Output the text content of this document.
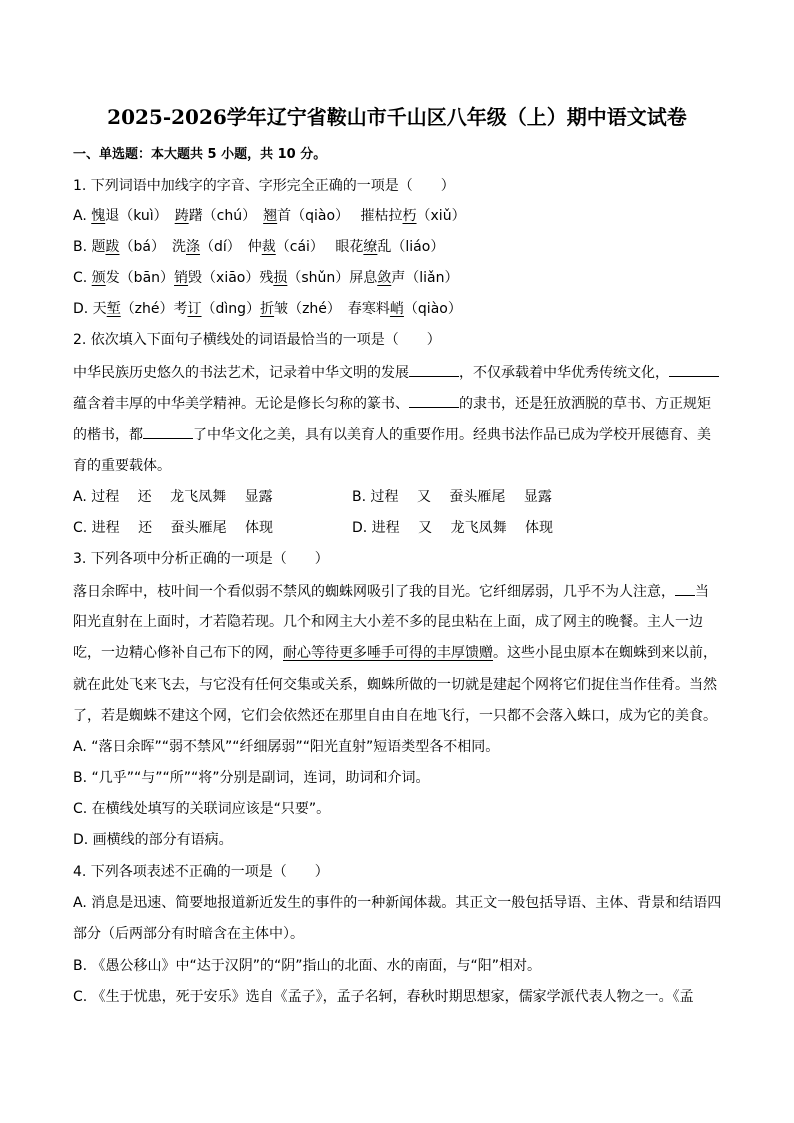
2025-2026学年辽宁省鞍山市千山区八年级（上）期中语文试卷
一、单选题：本大题共 5 小题，共 10 分。
1. 下列词语中加线字的字音、字形完全正确的一项是（　　）
A. 愧退（kuì）　踌躇（chú）　翘首（qiào）　 摧枯拉朽（xiǔ）
B. 题跋（bá）　洗涤（dí）　仲裁（cái）　 眼花缭乱（liáo）
C. 颁发（bān）销毁（xiāo）残损（shǔn）屏息敛声（liǎn）
D. 天堑（zhé）考订（dìng）折皱（zhé）　春寒料峭（qiào）
2. 依次填入下面句子横线处的词语最恰当的一项是（　　）
中华民族历史悠久的书法艺术，记录着中华文明的发展	，不仅承载着中华优秀传统文化，
蕴含着丰厚的中华美学精神。无论是修长匀称的篆书、	的隶书，还是狂放洒脱的草书、方正规矩
的楷书，都	了中华文化之美，具有以美育人的重要作用。经典书法作品已成为学校开展德育、美
育的重要载体。
A. 过程　 还　 龙飞凤舞　 显露	B. 过程　 又　 蚕头雁尾　 显露
C. 进程　 还　 蚕头雁尾　 体现	D. 进程　 又　 龙飞凤舞　 体现
3. 下列各项中分析正确的一项是（　　）
落日余晖中，枝叶间一个看似弱不禁风的蜘蛛网吸引了我的目光。它纤细孱弱，几乎不为人注意， 当
阳光直射在上面时，才若隐若现。几个和网主大小差不多的昆虫粘在上面，成了网主的晚餐。主人一边
吃，一边精心修补自己布下的网，耐心等待更多唾手可得的丰厚馈赠。这些小昆虫原本在蜘蛛到来以前，
就在此处飞来飞去，与它没有任何交集或关系，蜘蛛所做的一切就是建起个网将它们捉住当作佳肴。当然
了，若是蜘蛛不建这个网，它们会依然还在那里自由自在地飞行，一只都不会落入蛛口，成为它的美食。
A. “落日余晖”“弱不禁风”“纤细孱弱”“阳光直射”短语类型各不相同。
B. “几乎”“与”“所”“将”分别是副词，连词，助词和介词。
C. 在横线处填写的关联词应该是“只要”。
D. 画横线的部分有语病。
4. 下列各项表述不正确的一项是（　　）
A. 消息是迅速、简要地报道新近发生的事件的一种新闻体裁。其正文一般包括导语、主体、背景和结语四
部分（后两部分有时暗含在主体中）。
B. 《愚公移山》中“达于汉阴”的“阴”指山的北面、水的南面，与“阳”相对。
C. 《生于忧患，死于安乐》选自《孟子》，孟子名轲，春秋时期思想家，儒家学派代表人物之一。《孟
